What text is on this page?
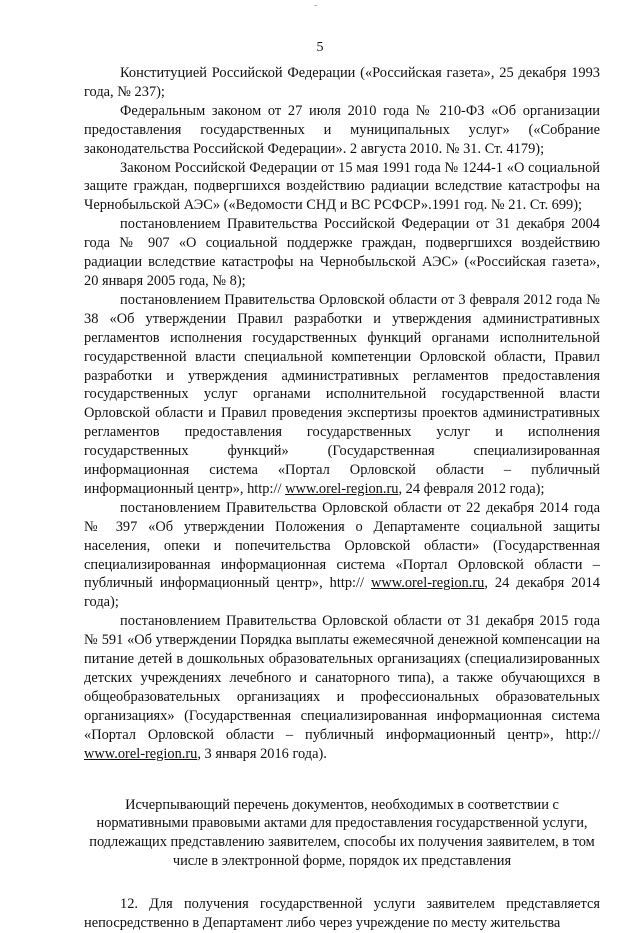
-
5

Конституцией Российской Федерации («Российская газета», 25 декабря 1993 года, № 237);

Федеральным законом от 27 июля 2010 года № 210-ФЗ «Об организации предоставления государственных и муниципальных услуг» («Собрание законодательства Российской Федерации». 2 августа 2010. № 31. Ст. 4179);

Законом Российской Федерации от 15 мая 1991 года № 1244-1 «О социальной защите граждан, подвергшихся воздействию радиации вследствие катастрофы на Чернобыльской АЭС» («Ведомости СНД и ВС РСФСР».1991 год. № 21. Ст. 699);

постановлением Правительства Российской Федерации от 31 декабря 2004 года № 907 «О социальной поддержке граждан, подвергшихся воздействию радиации вследствие катастрофы на Чернобыльской АЭС» («Российская газета», 20 января 2005 года, № 8);

постановлением Правительства Орловской области от 3 февраля 2012 года № 38 «Об утверждении Правил разработки и утверждения административных регламентов исполнения государственных функций органами исполнительной государственной власти специальной компетенции Орловской области, Правил разработки и утверждения административных регламентов предоставления государственных услуг органами исполнительной государственной власти Орловской области и Правил проведения экспертизы проектов административных регламентов предоставления государственных услуг и исполнения государственных функций» (Государственная специализированная информационная система «Портал Орловской области – публичный информационный центр», http:// www.orel-region.ru, 24 февраля 2012 года);

постановлением Правительства Орловской области от 22 декабря 2014 года № 397 «Об утверждении Положения о Департаменте социальной защиты населения, опеки и попечительства Орловской области» (Государственная специализированная информационная система «Портал Орловской области – публичный информационный центр», http:// www.orel-region.ru, 24 декабря 2014 года);

постановлением Правительства Орловской области от 31 декабря 2015 года № 591 «Об утверждении Порядка выплаты ежемесячной денежной компенсации на питание детей в дошкольных образовательных организациях (специализированных детских учреждениях лечебного и санаторного типа), а также обучающихся в общеобразовательных организациях и профессиональных образовательных организациях» (Государственная специализированная информационная система «Портал Орловской области – публичный информационный центр», http:// www.orel-region.ru, 3 января 2016 года).

Исчерпывающий перечень документов, необходимых в соответствии с нормативными правовыми актами для предоставления государственной услуги, подлежащих представлению заявителем, способы их получения заявителем, в том числе в электронной форме, порядок их представления

12. Для получения государственной услуги заявителем представляется непосредственно в Департамент либо через учреждение по месту жительства
